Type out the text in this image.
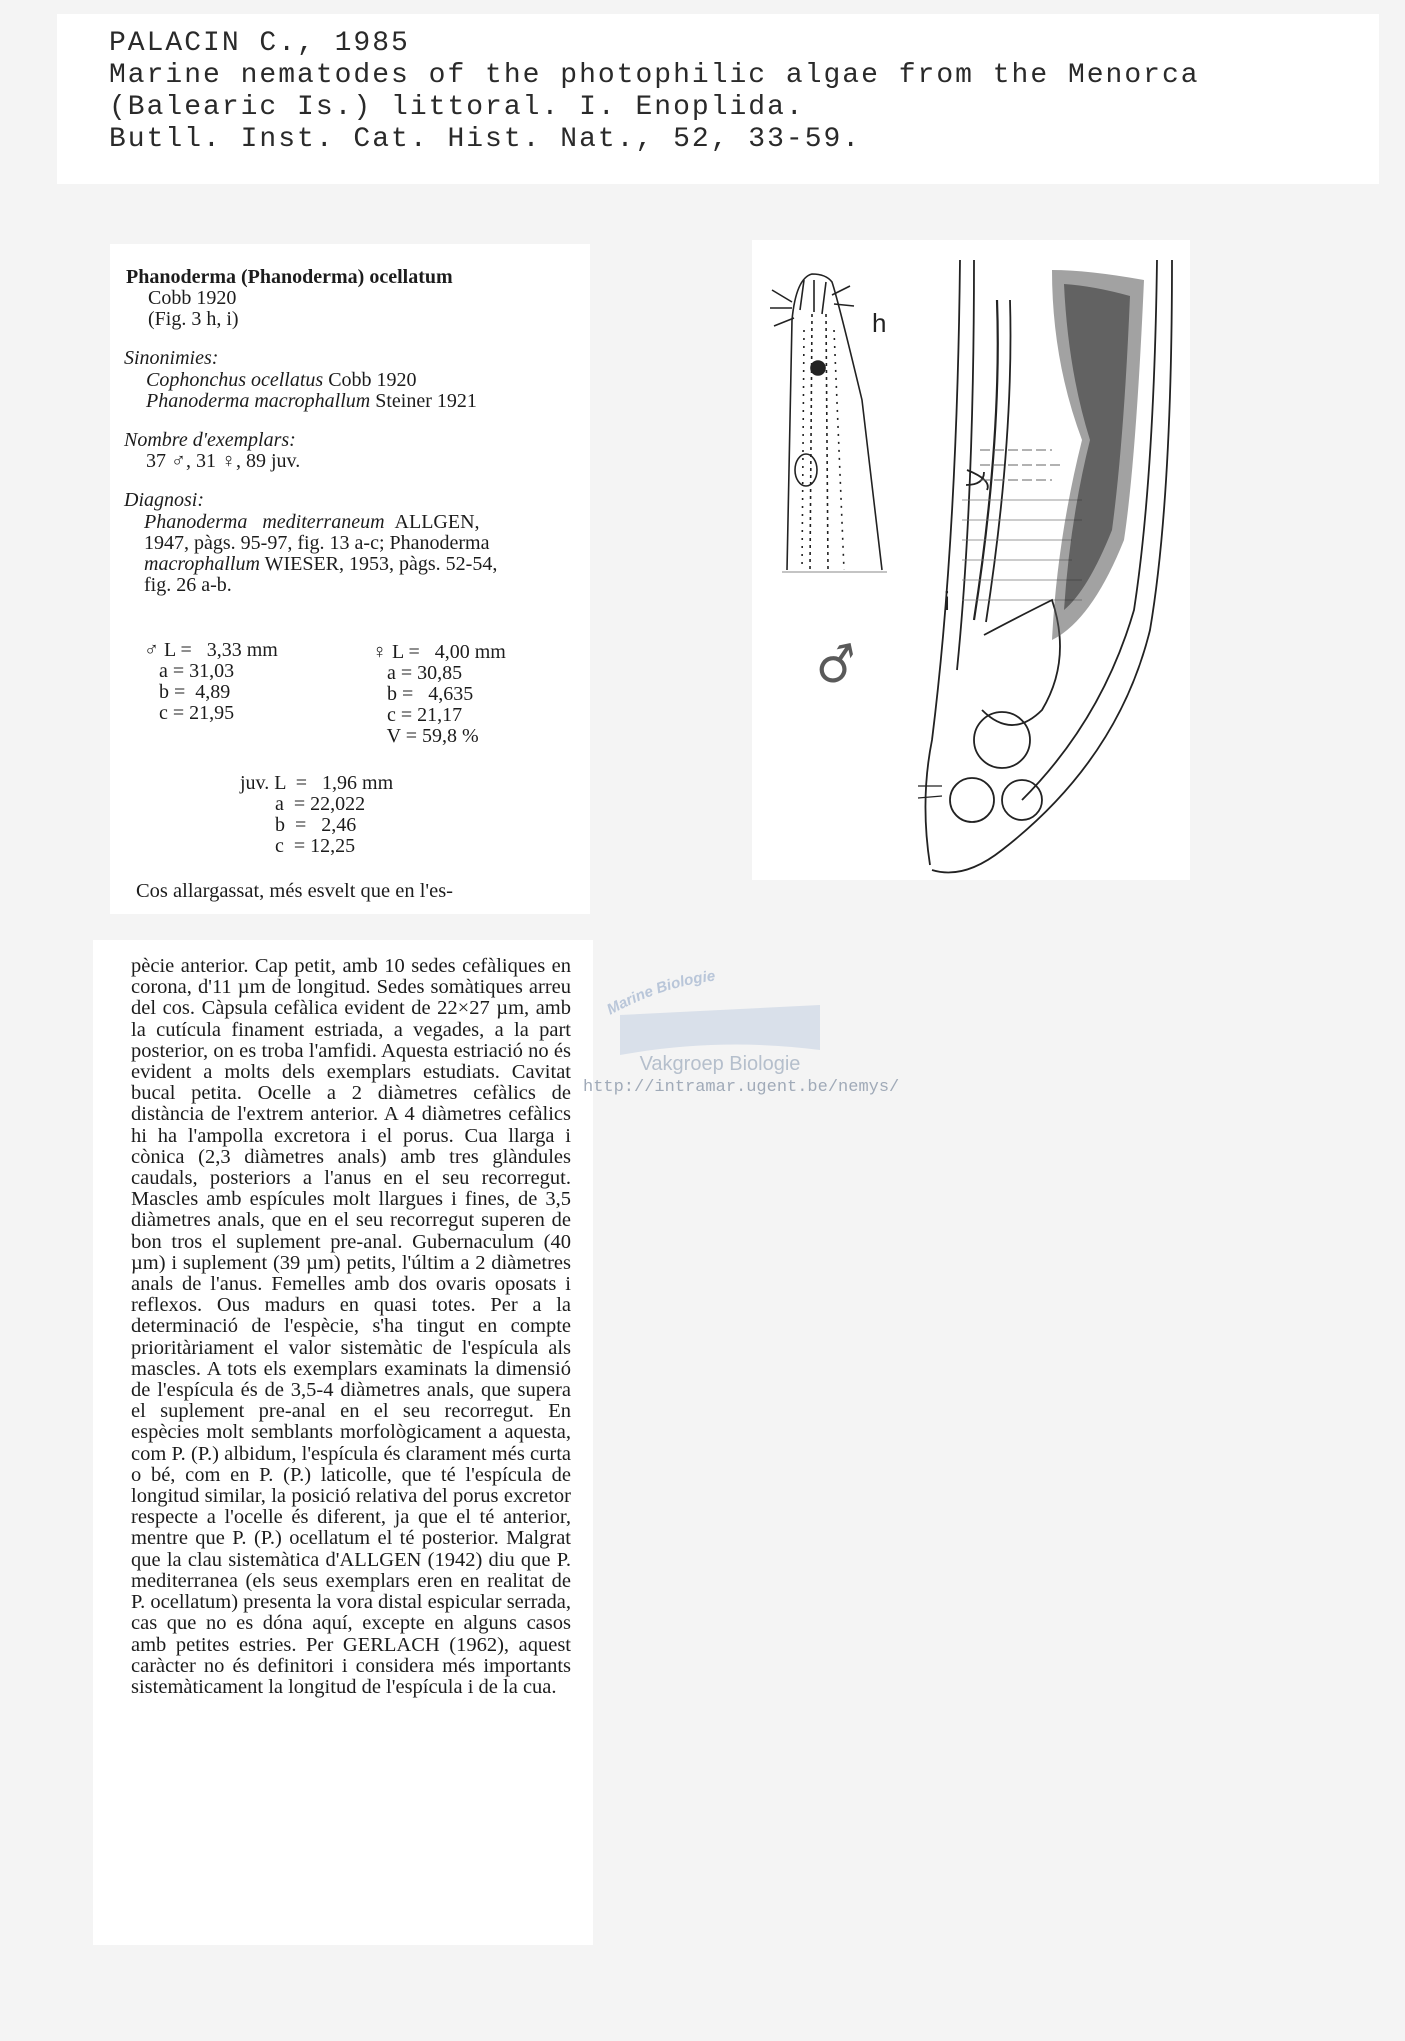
PALACIN C., 1985
Marine nematodes of the photophilic algae from the Menorca
(Balearic Is.) littoral. I. Enoplida.
Butll. Inst. Cat. Hist. Nat., 52, 33-59.
Phanoderma (Phanoderma) ocellatum
Cobb 1920
(Fig. 3 h, i)
Sinonimies:
Cophonchus ocellatus Cobb 1920
Phanoderma macrophallum Steiner 1921
Nombre d'exemplars:
37 ♂, 31 ♀, 89 juv.
Diagnosi:
Phanoderma   mediterraneum ALLGEN,
1947, pàgs. 95-97, fig. 13 a-c; Phanoderma
macrophallum WIESER, 1953, pàgs. 52-54,
fig. 26 a-b.
♂ L =   3,33 mm
a = 31,03
b =  4,89
c = 21,95
♀ L =   4,00 mm
a = 30,85
b =   4,635
c = 21,17
V = 59,8 %
juv. L  =   1,96 mm
a  = 22,022
b  =   2,46
c  = 12,25
Cos allargassat, més esvelt que en l'es-
h
i
♂

pècie anterior. Cap petit, amb 10 sedes cefàliques en corona, d'11 µm de longitud. Sedes somàtiques arreu del cos. Càpsula cefàlica evident de 22×27 µm, amb la cutícula finament estriada, a vegades, a la part posterior, on es troba l'amfidi. Aquesta estriació no és evident a molts dels exemplars estudiats. Cavitat bucal petita. Ocelle a 2 diàmetres cefàlics de distància de l'extrem anterior. A 4 diàmetres cefàlics hi ha l'ampolla excretora i el porus. Cua llarga i cònica (2,3 diàmetres anals) amb tres glàndules caudals, posteriors a l'anus en el seu recorregut. Mascles amb espícules molt llargues i fines, de 3,5 diàmetres anals, que en el seu recorregut superen de bon tros el suplement pre-anal. Gubernaculum (40 µm) i suplement (39 µm) petits, l'últim a 2 diàmetres anals de l'anus. Femelles amb dos ovaris oposats i reflexos. Ous madurs en quasi totes. Per a la determinació de l'espècie, s'ha tingut en compte prioritàriament el valor sistemàtic de l'espícula als mascles. A tots els exemplars examinats la dimensió de l'espícula és de 3,5-4 diàmetres anals, que supera el suplement pre-anal en el seu recorregut. En espècies molt semblants morfològicament a aquesta, com P. (P.) albidum, l'espícula és clarament més curta o bé, com en P. (P.) laticolle, que té l'espícula de longitud similar, la posició relativa del porus excretor respecte a l'ocelle és diferent, ja que el té anterior, mentre que P. (P.) ocellatum el té posterior. Malgrat que la clau sistemàtica d'ALLGEN (1942) diu que P. mediterranea (els seus exemplars eren en realitat de P. ocellatum) presenta la vora distal espicular serrada, cas que no es dóna aquí, excepte en alguns casos amb petites estries. Per GERLACH (1962), aquest caràcter no és definitori i considera més importants sistemàticament la longitud de l'espícula i de la cua.

Marine Biologie
Vakgroep Biologie
http://intramar.ugent.be/nemys/
